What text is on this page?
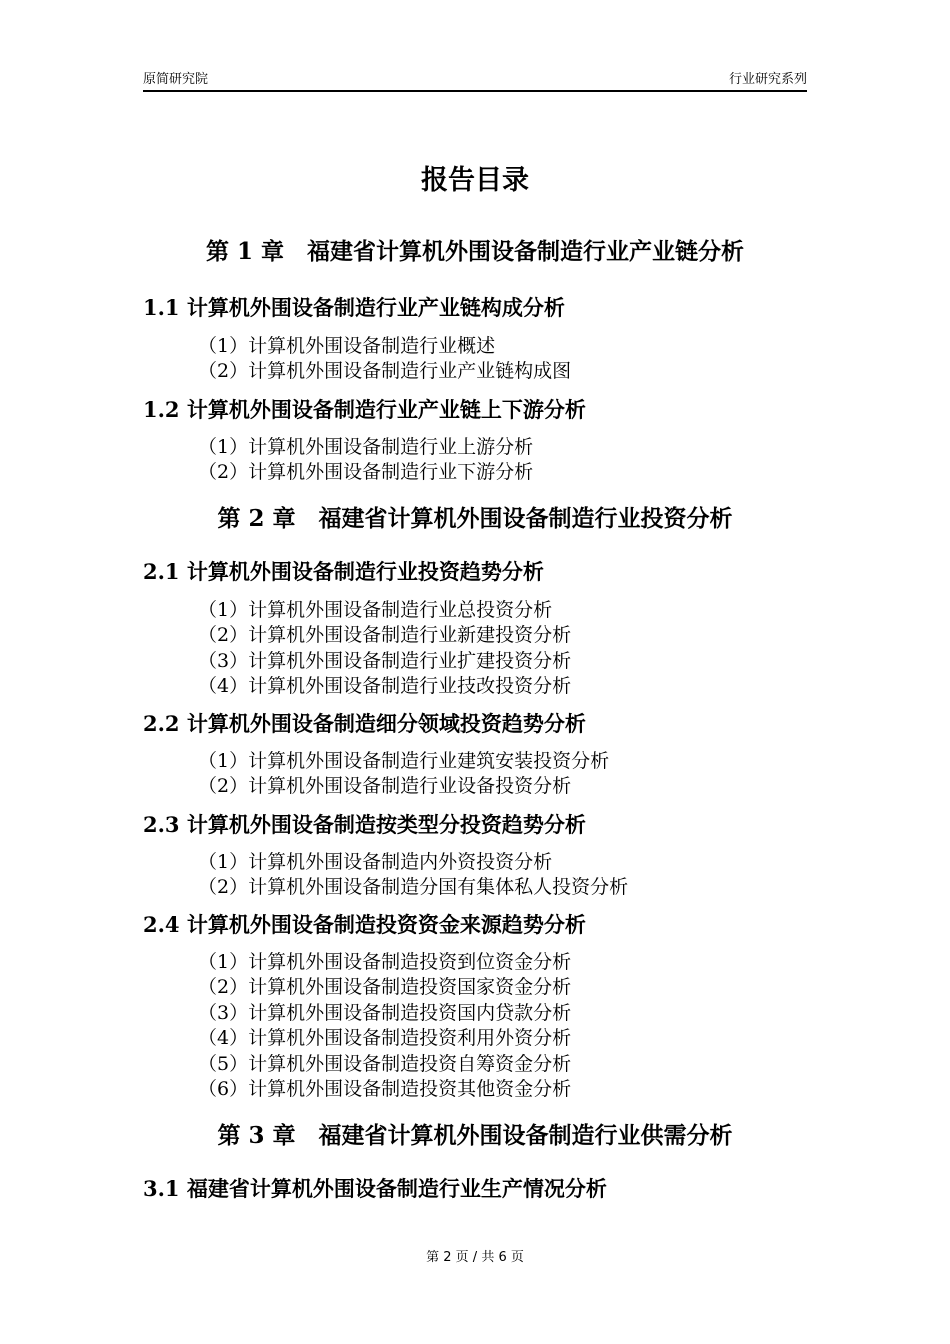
原简研究院	行业研究系列
报告目录
第 1 章　福建省计算机外围设备制造行业产业链分析
1.1 计算机外围设备制造行业产业链构成分析
（1）计算机外围设备制造行业概述
（2）计算机外围设备制造行业产业链构成图
1.2 计算机外围设备制造行业产业链上下游分析
（1）计算机外围设备制造行业上游分析
（2）计算机外围设备制造行业下游分析
第 2 章　福建省计算机外围设备制造行业投资分析
2.1 计算机外围设备制造行业投资趋势分析
（1）计算机外围设备制造行业总投资分析
（2）计算机外围设备制造行业新建投资分析
（3）计算机外围设备制造行业扩建投资分析
（4）计算机外围设备制造行业技改投资分析
2.2 计算机外围设备制造细分领域投资趋势分析
（1）计算机外围设备制造行业建筑安装投资分析
（2）计算机外围设备制造行业设备投资分析
2.3 计算机外围设备制造按类型分投资趋势分析
（1）计算机外围设备制造内外资投资分析
（2）计算机外围设备制造分国有集体私人投资分析
2.4 计算机外围设备制造投资资金来源趋势分析
（1）计算机外围设备制造投资到位资金分析
（2）计算机外围设备制造投资国家资金分析
（3）计算机外围设备制造投资国内贷款分析
（4）计算机外围设备制造投资利用外资分析
（5）计算机外围设备制造投资自筹资金分析
（6）计算机外围设备制造投资其他资金分析
第 3 章　福建省计算机外围设备制造行业供需分析
3.1 福建省计算机外围设备制造行业生产情况分析
第 2 页 / 共 6 页
